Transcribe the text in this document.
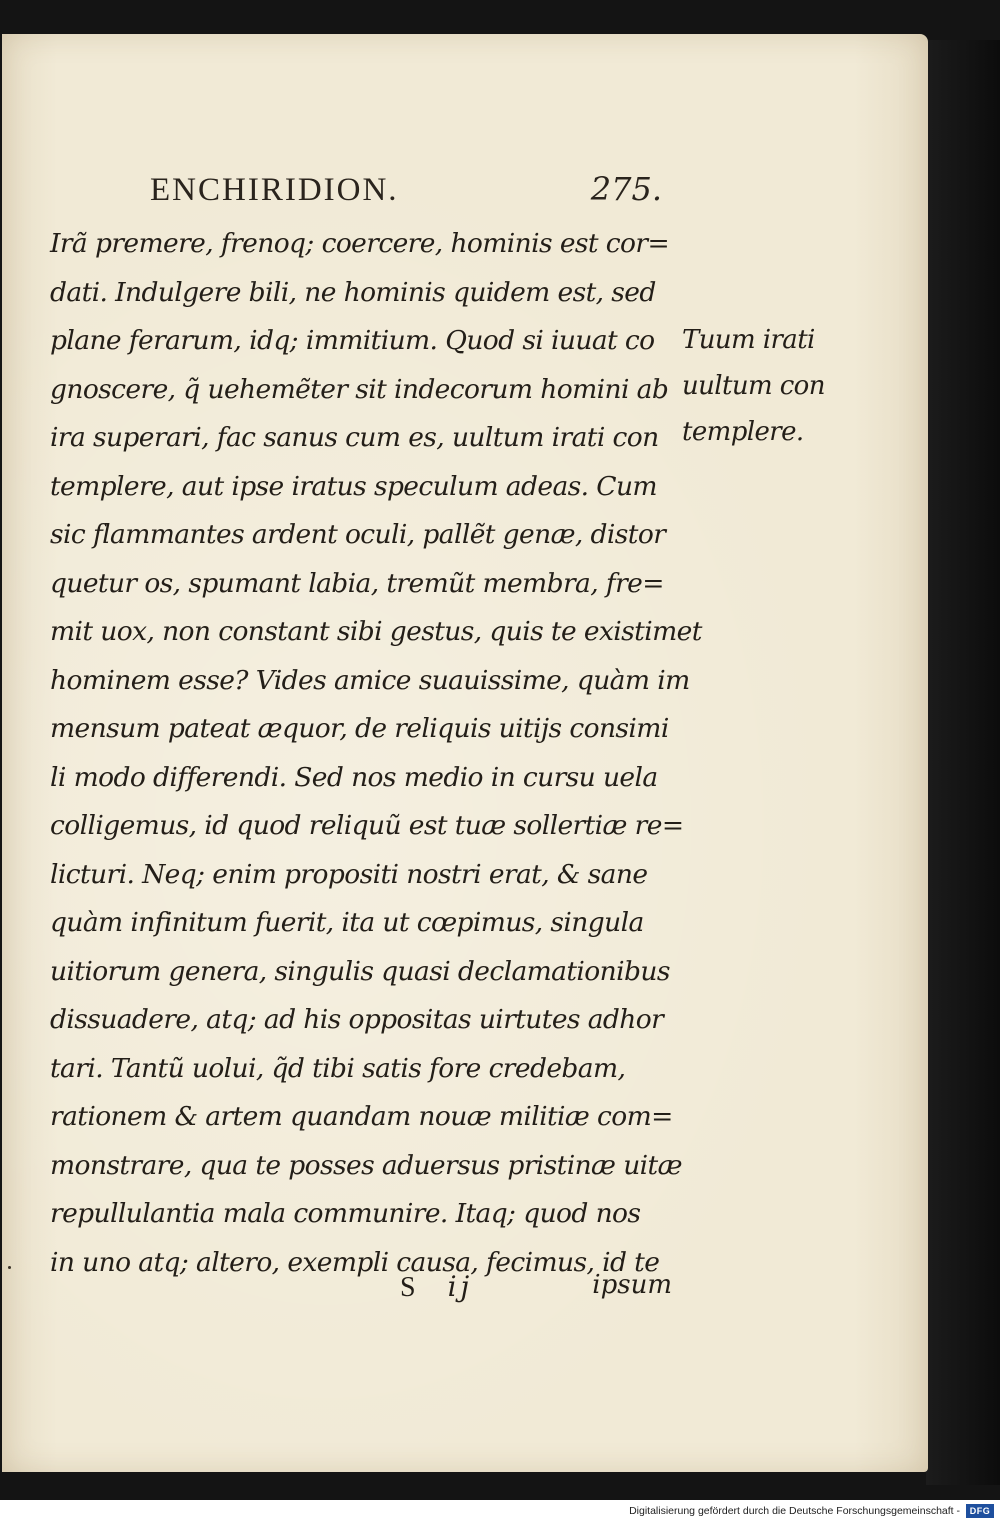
ENCHIRIDION.	275.
Irã premere, frenoq; coercere, hominis est cor=
dati. Indulgere bili, ne hominis quidem est, sed
plane ferarum, idq; immitium. Quod si iuuat co
gnoscere, q̃ uehemẽter sit indecorum homini ab
ira superari, fac sanus cum es, uultum irati con
templere, aut ipse iratus speculum adeas. Cum
sic flammantes ardent oculi, pallẽt genæ, distor
quetur os, spumant labia, tremũt membra, fre=
mit uox, non constant sibi gestus, quis te existimet
hominem esse? Vides amice suauissime, quàm im
mensum pateat æquor, de reliquis uitijs consimi
li modo differendi. Sed nos medio in cursu uela
colligemus, id quod reliquũ est tuæ sollertiæ re=
licturi. Neq; enim propositi nostri erat, & sane
quàm infinitum fuerit, ita ut cœpimus, singula
uitiorum genera, singulis quasi declamationibus
dissuadere, atq; ad his oppositas uirtutes adhor
tari. Tantũ uolui, q̃d tibi satis fore credebam,
rationem & artem quandam nouæ militiæ com=
monstrare, qua te posses aduersus pristinæ uitæ
repullulantia mala communire. Itaq; quod nos
in uno atq; altero, exempli causa, fecimus, id te
Tuum irati
uultum con
templere.
S ij	ipsum
Digitalisierung gefördert durch die Deutsche Forschungsgemeinschaft -	DFG
